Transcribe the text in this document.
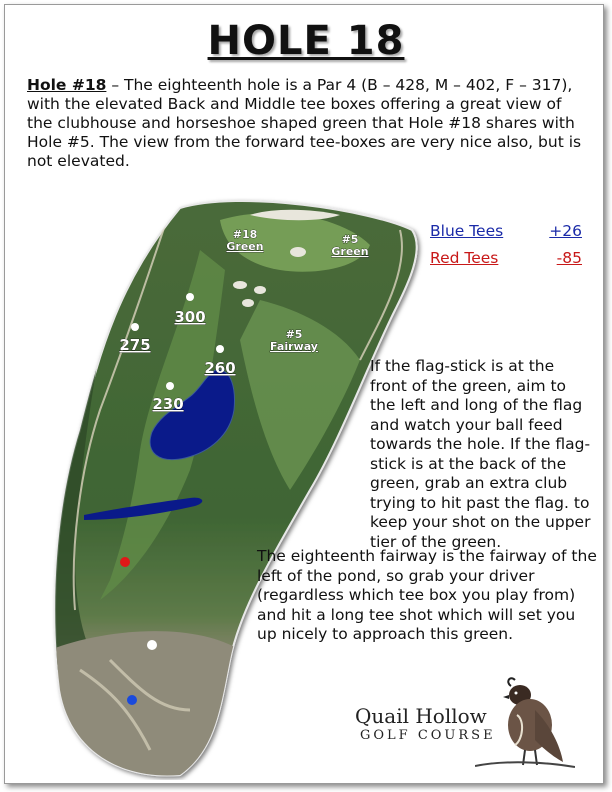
HOLE 18
Hole #18 – The eighteenth hole is a Par 4 (B – 428, M – 402, F – 317), with the elevated Back and Middle tee boxes offering a great view of the clubhouse and horseshoe shaped green that Hole #18 shares with Hole #5. The view from the forward tee-boxes are very nice also, but is not elevated.
#18
Green
#5
Green
#5
Fairway
300
275
260
230
Blue Tees	+26
Red Tees	-85
If the flag-stick is at the front of the green, aim to the left and long of the flag and watch your ball feed towards the hole. If the flag-stick is at the back of the green, grab an extra club trying to hit past the flag. to keep your shot on the upper tier of the green.
The eighteenth fairway is the fairway of the left of the pond, so grab your driver (regardless which tee box you play from) and hit a long tee shot which will set you up nicely to approach this green.
Quail Hollow
GOLF COURSE
